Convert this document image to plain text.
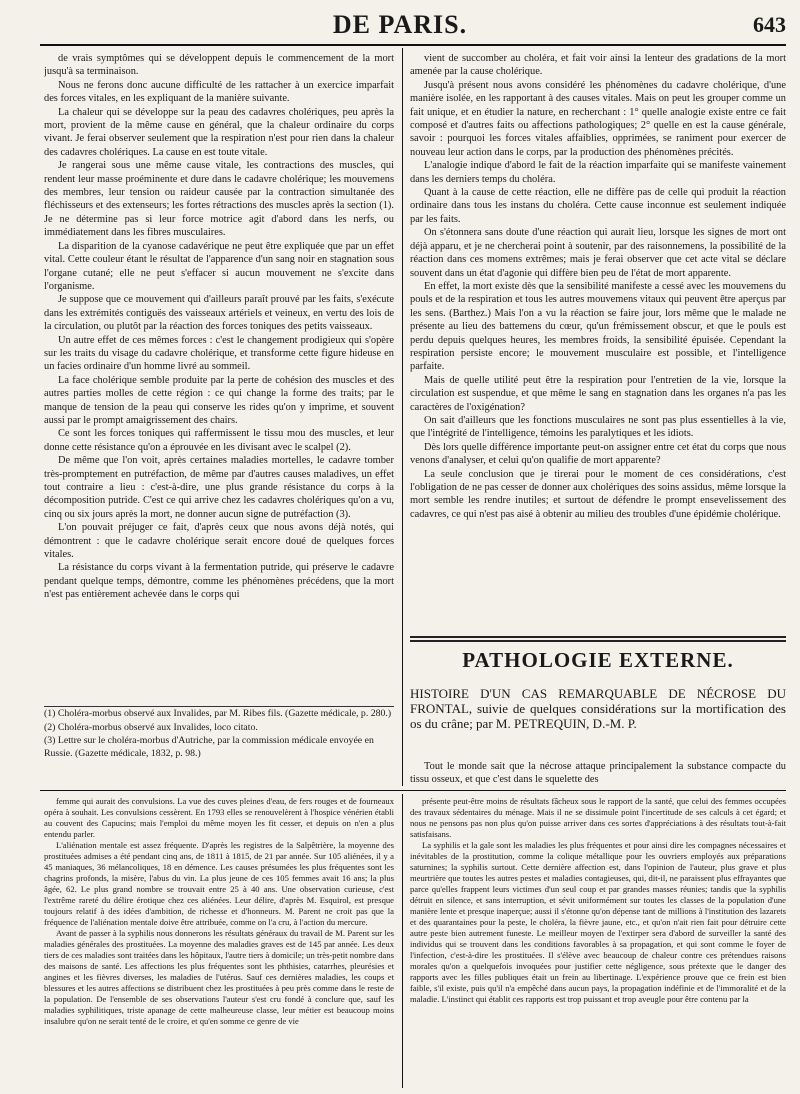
DE PARIS.	643

de vrais symptômes qui se développent depuis le commencement de la mort jusqu'à sa terminaison.

Nous ne ferons donc aucune difficulté de les rattacher à un exercice imparfait des forces vitales, en les expliquant de la manière suivante.

La chaleur qui se développe sur la peau des cadavres cholériques, peu après la mort, provient de la même cause en général, que la chaleur ordinaire du corps vivant. Je ferai observer seulement que la respiration n'est pour rien dans la chaleur des cadavres cholériques. La cause en est toute vitale.

Je rangerai sous une même cause vitale, les contractions des muscles, qui rendent leur masse proéminente et dure dans le cadavre cholérique; les mouvemens des membres, leur tension ou raideur causée par la contraction simultanée des fléchisseurs et des extenseurs; les fortes rétractions des muscles après la section (1). Je ne détermine pas si leur force motrice agit d'abord dans les nerfs, ou immédiatement dans les fibres musculaires.

La disparition de la cyanose cadavérique ne peut être expliquée que par un effet vital. Cette couleur étant le résultat de l'apparence d'un sang noir en stagnation sous l'organe cutané; elle ne peut s'effacer si aucun mouvement ne s'excite dans l'organisme.

Je suppose que ce mouvement qui d'ailleurs paraît prouvé par les faits, s'exécute dans les extrémités contiguës des vaisseaux artériels et veineux, en vertu des lois de la circulation, ou plutôt par la réaction des forces toniques des petits vaisseaux.

Un autre effet de ces mêmes forces : c'est le changement prodigieux qui s'opère sur les traits du visage du cadavre cholérique, et transforme cette figure hideuse en un facies ordinaire d'un homme livré au sommeil.

La face cholérique semble produite par la perte de cohésion des muscles et des autres parties molles de cette région : ce qui change la forme des traits; par le manque de tension de la peau qui conserve les rides qu'on y imprime, et souvent aussi par le prompt amaigrissement des chairs.

Ce sont les forces toniques qui raffermissent le tissu mou des muscles, et leur donne cette résistance qu'on a éprouvée en les divisant avec le scalpel (2).

De même que l'on voit, après certaines maladies mortelles, le cadavre tomber très-promptement en putréfaction, de même par d'autres causes maladives, un effet tout contraire a lieu : c'est-à-dire, une plus grande résistance du corps à la décomposition putride. C'est ce qui arrive chez les cadavres cholériques qu'on a vu, cinq ou six jours après la mort, ne donner aucun signe de putréfaction (3).

L'on pouvait préjuger ce fait, d'après ceux que nous avons déjà notés, qui démontrent : que le cadavre cholérique serait encore doué de quelques forces vitales.

La résistance du corps vivant à la fermentation putride, qui préserve le cadavre pendant quelque temps, démontre, comme les phénomènes précédens, que la mort n'est pas entièrement achevée dans le corps qui

(1) Choléra-morbus observé aux Invalides, par M. Ribes fils. (Gazette médicale, p. 280.)

(2) Choléra-morbus observé aux Invalides, loco citato.

(3) Lettre sur le choléra-morbus d'Autriche, par la commission médicale envoyée en Russie. (Gazette médicale, 1832, p. 98.)

vient de succomber au choléra, et fait voir ainsi la lenteur des gradations de la mort amenée par la cause cholérique.

Jusqu'à présent nous avons considéré les phénomènes du cadavre cholérique, d'une manière isolée, en les rapportant à des causes vitales. Mais on peut les grouper comme un fait unique, et en étudier la nature, en recherchant : 1° quelle analogie existe entre ce fait composé et d'autres faits ou affections pathologiques; 2° quelle en est la cause générale, savoir : pourquoi les forces vitales affaiblies, opprimées, se raniment pour exercer de nouveau leur action dans le corps, par la production des phénomènes précités.

L'analogie indique d'abord le fait de la réaction imparfaite qui se manifeste vainement dans les derniers temps du choléra.

Quant à la cause de cette réaction, elle ne diffère pas de celle qui produit la réaction ordinaire dans tous les instans du choléra. Cette cause inconnue est seulement indiquée par les faits.

On s'étonnera sans doute d'une réaction qui aurait lieu, lorsque les signes de mort ont déjà apparu, et je ne chercherai point à soutenir, par des raisonnemens, la possibilité de la réaction dans ces momens extrêmes; mais je ferai observer que cet acte vital se déclare souvent dans un état d'agonie qui diffère bien peu de l'état de mort apparente.

En effet, la mort existe dès que la sensibilité manifeste a cessé avec les mouvemens du pouls et de la respiration et tous les autres mouvemens vitaux qui peuvent être aperçus par les sens. (Barthez.) Mais l'on a vu la réaction se faire jour, lors même que le malade ne présente au lieu des battemens du cœur, qu'un frémissement obscur, et que le pouls est perdu depuis quelques heures, les membres froids, la sensibilité épuisée. Cependant la respiration persiste encore; le mouvement musculaire est possible, et l'intelligence parfaite.

Mais de quelle utilité peut être la respiration pour l'entretien de la vie, lorsque la circulation est suspendue, et que même le sang en stagnation dans les organes n'a pas les caractères de l'oxigénation?

On sait d'ailleurs que les fonctions musculaires ne sont pas plus essentielles à la vie, que l'intégrité de l'intelligence, témoins les paralytiques et les idiots.

Dès lors quelle différence importante peut-on assigner entre cet état du corps que nous venons d'analyser, et celui qu'on qualifie de mort apparente?

La seule conclusion que je tirerai pour le moment de ces considérations, c'est l'obligation de ne pas cesser de donner aux cholériques des soins assidus, même lorsque la mort semble les rendre inutiles; et surtout de défendre le prompt ensevelissement des cadavres, ce qui n'est pas aisé à obtenir au milieu des troubles d'une épidémie cholérique.

PATHOLOGIE EXTERNE.
HISTOIRE D'UN CAS REMARQUABLE DE NÉCROSE DU FRONTAL, suivie de quelques considérations sur la mortification des os du crâne; par M. PETREQUIN, D.-M. P.
Tout le monde sait que la nécrose attaque principalement la substance compacte du tissu osseux, et que c'est dans le squelette des

femme qui aurait des convulsions. La vue des cuves pleines d'eau, de fers rouges et de fourneaux opéra à souhait. Les convulsions cessèrent. En 1793 elles se renouvelèrent à l'hospice vénérien établi au couvent des Capucins; mais l'emploi du même moyen les fit cesser, et depuis on n'en a plus entendu parler.

L'aliénation mentale est assez fréquente. D'après les registres de la Salpêtrière, la moyenne des prostituées admises a été pendant cinq ans, de 1811 à 1815, de 21 par année. Sur 105 aliénées, il y a 45 maniaques, 36 mélancoliques, 18 en démence. Les causes présumées les plus fréquentes sont les chagrins profonds, la misère, l'abus du vin. La plus jeune de ces 105 femmes avait 16 ans; la plus âgée, 62. Le plus grand nombre se trouvait entre 25 à 40 ans. Une observation curieuse, c'est l'extrême rareté du délire érotique chez ces aliénées. Leur délire, d'après M. Esquirol, est presque toujours relatif à des idées d'ambition, de richesse et d'honneurs. M. Parent ne croit pas que la fréquence de l'aliénation mentale doive être attribuée, comme on l'a cru, à l'action du mercure.

Avant de passer à la syphilis nous donnerons les résultats généraux du travail de M. Parent sur les maladies générales des prostituées. La moyenne des maladies graves est de 145 par année. Les deux tiers de ces maladies sont traitées dans les hôpitaux, l'autre tiers à domicile; un très-petit nombre dans des maisons de santé. Les affections les plus fréquentes sont les phthisies, catarrhes, pleurésies et angines et les fièvres diverses, les maladies de l'utérus. Sauf ces dernières maladies, les coups et blessures et les autres affections se distribuent chez les prostituées à peu près comme dans le reste de la population. De l'ensemble de ses observations l'auteur s'est cru fondé à conclure que, sauf les maladies syphilitiques, triste apanage de cette malheureuse classe, leur métier est beaucoup moins insalubre qu'on ne serait tenté de le croire, et qu'en somme ce genre de vie

présente peut-être moins de résultats fâcheux sous le rapport de la santé, que celui des femmes occupées des travaux sédentaires du ménage. Mais il ne se dissimule point l'incertitude de ses calculs à cet égard; et nous ne pensons pas non plus qu'on puisse arriver dans ces sortes d'appréciations à des résultats tout-à-fait satisfaisans.

La syphilis et la gale sont les maladies les plus fréquentes et pour ainsi dire les compagnes nécessaires et inévitables de la prostitution, comme la colique métallique pour les ouvriers employés aux préparations saturnines; la syphilis surtout. Cette dernière affection est, dans l'opinion de l'auteur, plus grave et plus meurtrière que toutes les autres pestes et maladies contagieuses, qui, dit-il, ne paraissent plus effrayantes que parce qu'elles frappent leurs victimes d'un seul coup et par grandes masses réunies; tandis que la syphilis détruit en silence, et sans interruption, et sévit uniformément sur toutes les classes de la population d'une manière lente et presque inaperçue; aussi il s'étonne qu'on dépense tant de millions à l'institution des lazarets et des quarantaines pour la peste, le choléra, la fièvre jaune, etc., et qu'on n'ait rien fait pour détruire cette autre peste bien autrement funeste. Le meilleur moyen de l'extirper sera d'abord de surveiller la santé des individus qui se trouvent dans les conditions favorables à sa propagation, et qui sont comme le foyer de l'infection, c'est-à-dire les prostituées. Il s'élève avec beaucoup de chaleur contre ces prétendues raisons morales qu'on a quelquefois invoquées pour justifier cette négligence, sous prétexte que le danger des rapports avec les filles publiques était un frein au libertinage. L'expérience prouve que ce frein est bien faible, s'il existe, puis qu'il n'a empêché dans aucun pays, la propagation indéfinie et de l'immoralité et de la maladie. L'instinct qui établit ces rapports est trop puissant et trop aveugle pour être contenu par la
